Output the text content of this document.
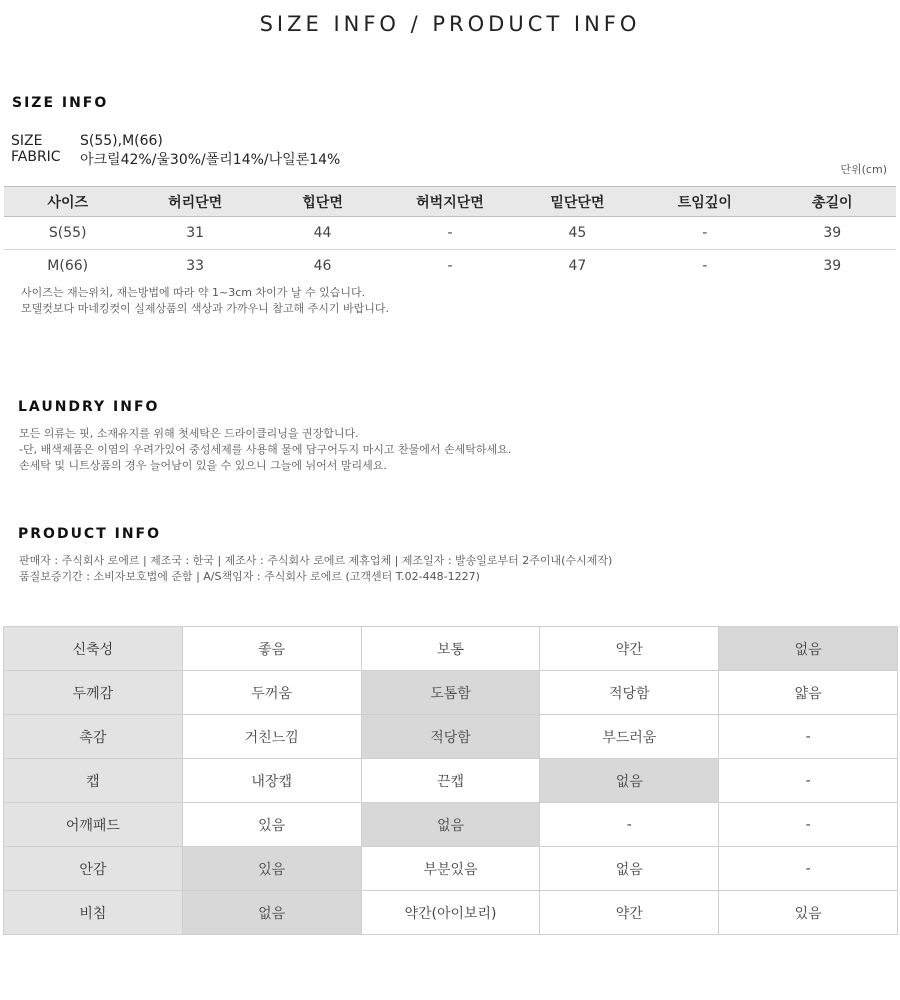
SIZE INFO / PRODUCT INFO
SIZE INFO
SIZE	S(55),M(66)
FABRIC	아크릴42%/울30%/폴리14%/나일론14%
단위(cm)
사이즈	허리단면	힙단면	허벅지단면	밑단단면	트임깊이	총길이
S(55)	31	44	-	45	-	39
M(66)	33	46	-	47	-	39
사이즈는 재는위치, 재는방법에 따라 약 1~3cm 차이가 날 수 있습니다.
모델컷보다 마네킹컷이 실제상품의 색상과 가까우니 참고해 주시기 바랍니다.
LAUNDRY INFO
모든 의류는 핏, 소재유지를 위해 첫세탁은 드라이클리닝을 권장합니다.
-단, 배색제품은 이염의 우려가있어 중성세제를 사용해 물에 담구어두지 마시고 찬물에서 손세탁하세요.
손세탁 및 니트상품의 경우 늘어남이 있을 수 있으니 그늘에 뉘어서 말리세요.
PRODUCT INFO
판매자 : 주식회사 로에르 | 제조국 : 한국 | 제조사 : 주식회사 로에르 제휴업체 | 제조일자 : 발송일로부터 2주이내(수시제작)
품질보증기간 : 소비자보호법에 준함 | A/S책임자 : 주식회사 로에르 (고객센터 T.02-448-1227)
신축성	좋음	보통	약간	없음
두께감	두꺼움	도톰함	적당함	얇음
촉감	거친느낌	적당함	부드러움	-
캡	내장캡	끈캡	없음	-
어깨패드	있음	없음	-	-
안감	있음	부분있음	없음	-
비침	없음	약간(아이보리)	약간	있음
